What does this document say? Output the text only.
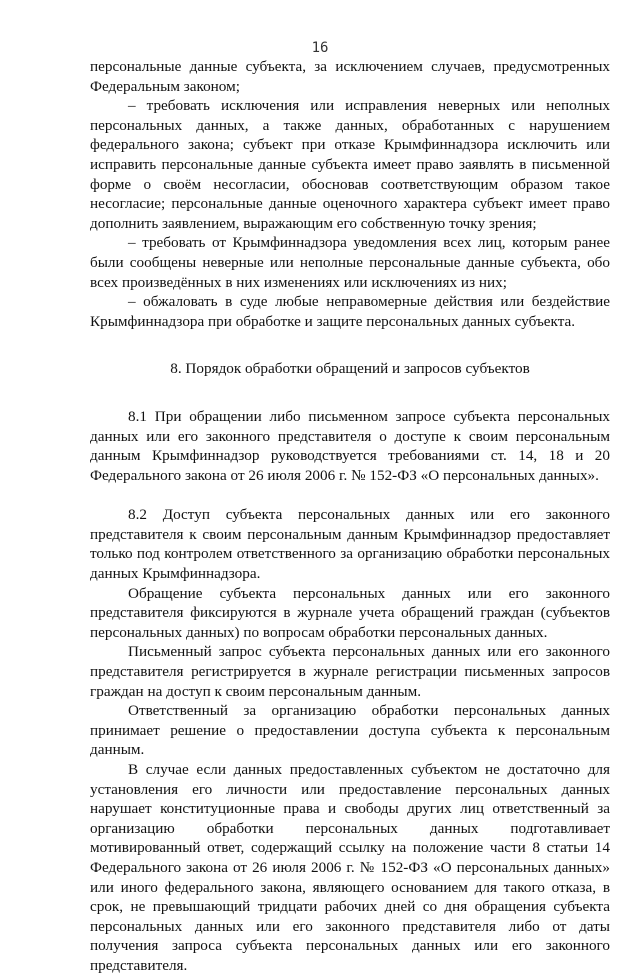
16

персональные данные субъекта, за исключением случаев, предусмотренных Федеральным законом;

– требовать исключения или исправления неверных или неполных персональных данных, а также данных, обработанных с нарушением федерального закона; субъект при отказе Крымфиннадзора исключить или исправить персональные данные субъекта имеет право заявлять в письменной форме о своём несогласии, обосновав соответствующим образом такое несогласие; персональные данные оценочного характера субъект имеет право дополнить заявлением, выражающим его собственную точку зрения;

– требовать от Крымфиннадзора уведомления всех лиц, которым ранее были сообщены неверные или неполные персональные данные субъекта, обо всех произведённых в них изменениях или исключениях из них;

– обжаловать в суде любые неправомерные действия или бездействие Крымфиннадзора при обработке и защите персональных данных субъекта.

8. Порядок обработки обращений и запросов субъектов

8.1 При обращении либо письменном запросе субъекта персональных данных или его законного представителя о доступе к своим персональным данным Крымфиннадзор руководствуется требованиями ст. 14, 18 и 20 Федерального закона от 26 июля 2006 г. № 152-ФЗ «О персональных данных».

8.2 Доступ субъекта персональных данных или его законного представителя к своим персональным данным Крымфиннадзор предоставляет только под контролем ответственного за организацию обработки персональных данных Крымфиннадзора.

Обращение субъекта персональных данных или его законного представителя фиксируются в журнале учета обращений граждан (субъектов персональных данных) по вопросам обработки персональных данных.

Письменный запрос субъекта персональных данных или его законного представителя регистрируется в журнале регистрации письменных запросов граждан на доступ к своим персональным данным.

Ответственный за организацию обработки персональных данных принимает решение о предоставлении доступа субъекта к персональным данным.

В случае если данных предоставленных субъектом не достаточно для установления его личности или предоставление персональных данных нарушает конституционные права и свободы других лиц ответственный за организацию обработки персональных данных подготавливает мотивированный ответ, содержащий ссылку на положение части 8 статьи 14 Федерального закона от 26 июля 2006 г. № 152-ФЗ «О персональных данных» или иного федерального закона, являющего основанием для такого отказа, в срок, не превышающий тридцати рабочих дней со дня обращения субъекта персональных данных или его законного представителя либо от даты получения запроса субъекта персональных данных или его законного представителя.
